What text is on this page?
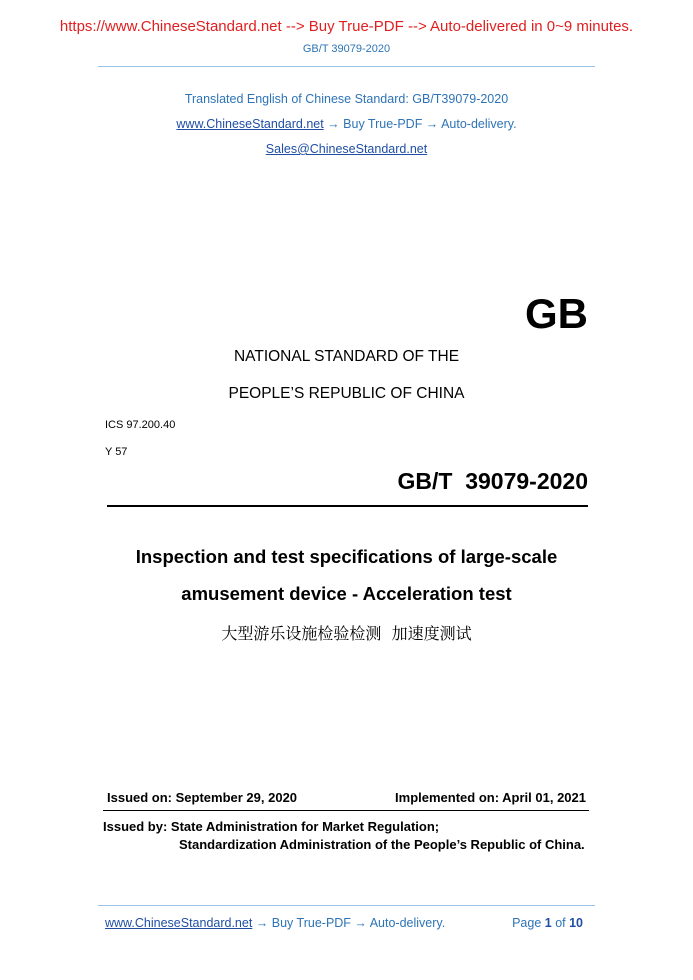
https://www.ChineseStandard.net --> Buy True-PDF --> Auto-delivered in 0~9 minutes.
GB/T 39079-2020
Translated English of Chinese Standard: GB/T39079-2020
www.ChineseStandard.net → Buy True-PDF → Auto-delivery.
Sales@ChineseStandard.net
GB
NATIONAL STANDARD OF THE
PEOPLE’S REPUBLIC OF CHINA
ICS 97.200.40
Y 57
GB/T  39079-2020
Inspection and test specifications of large-scale
amusement device - Acceleration test
大型游乐设施检验检测  加速度测试
Issued on: September 29, 2020	Implemented on: April 01, 2021
Issued by: State Administration for Market Regulation;
Standardization Administration of the People’s Republic of China.
www.ChineseStandard.net → Buy True-PDF → Auto-delivery.	Page 1 of 10
